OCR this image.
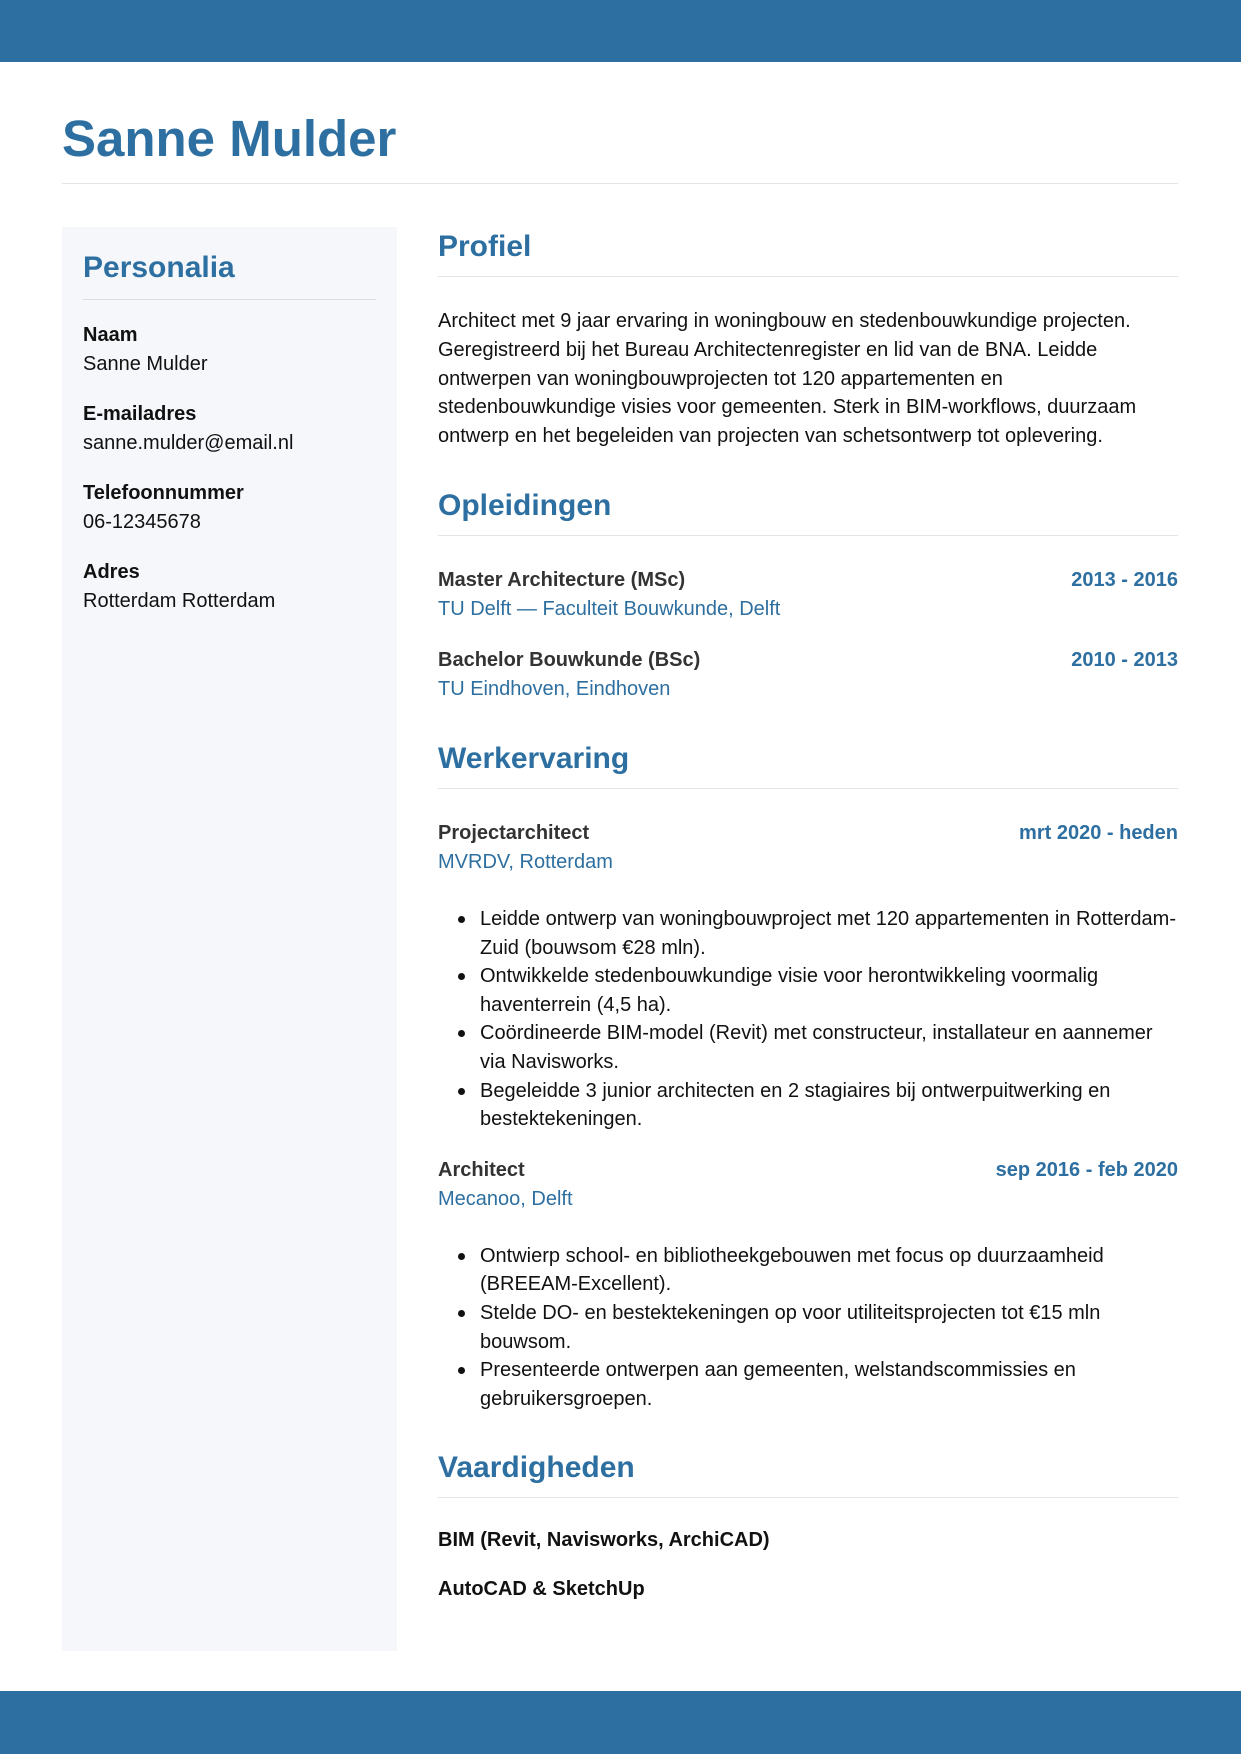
Sanne Mulder
Personalia
Naam
Sanne Mulder
E-mailadres
sanne.mulder@email.nl
Telefoonnummer
06-12345678
Adres
Rotterdam Rotterdam
Profiel

Architect met 9 jaar ervaring in woningbouw en stedenbouwkundige projecten. Geregistreerd bij het Bureau Architectenregister en lid van de BNA. Leidde ontwerpen van woningbouwprojecten tot 120 appartementen en stedenbouwkundige visies voor gemeenten. Sterk in BIM-workflows, duurzaam ontwerp en het begeleiden van projecten van schetsontwerp tot oplevering.

Opleidingen
Master Architecture (MSc)	2013 - 2016
TU Delft — Faculteit Bouwkunde, Delft
Bachelor Bouwkunde (BSc)	2010 - 2013
TU Eindhoven, Eindhoven
Werkervaring
Projectarchitect	mrt 2020 - heden
MVRDV, Rotterdam
Leidde ontwerp van woningbouwproject met 120 appartementen in Rotterdam-Zuid (bouwsom €28 mln).
Ontwikkelde stedenbouwkundige visie voor herontwikkeling voormalig haventerrein (4,5 ha).
Coördineerde BIM-model (Revit) met constructeur, installateur en aannemer via Navisworks.
Begeleidde 3 junior architecten en 2 stagiaires bij ontwerpuitwerking en bestektekeningen.
Architect	sep 2016 - feb 2020
Mecanoo, Delft
Ontwierp school- en bibliotheekgebouwen met focus op duurzaamheid (BREEAM-Excellent).
Stelde DO- en bestektekeningen op voor utiliteitsprojecten tot €15 mln bouwsom.
Presenteerde ontwerpen aan gemeenten, welstandscommissies en gebruikersgroepen.
Vaardigheden
BIM (Revit, Navisworks, ArchiCAD)
AutoCAD & SketchUp
